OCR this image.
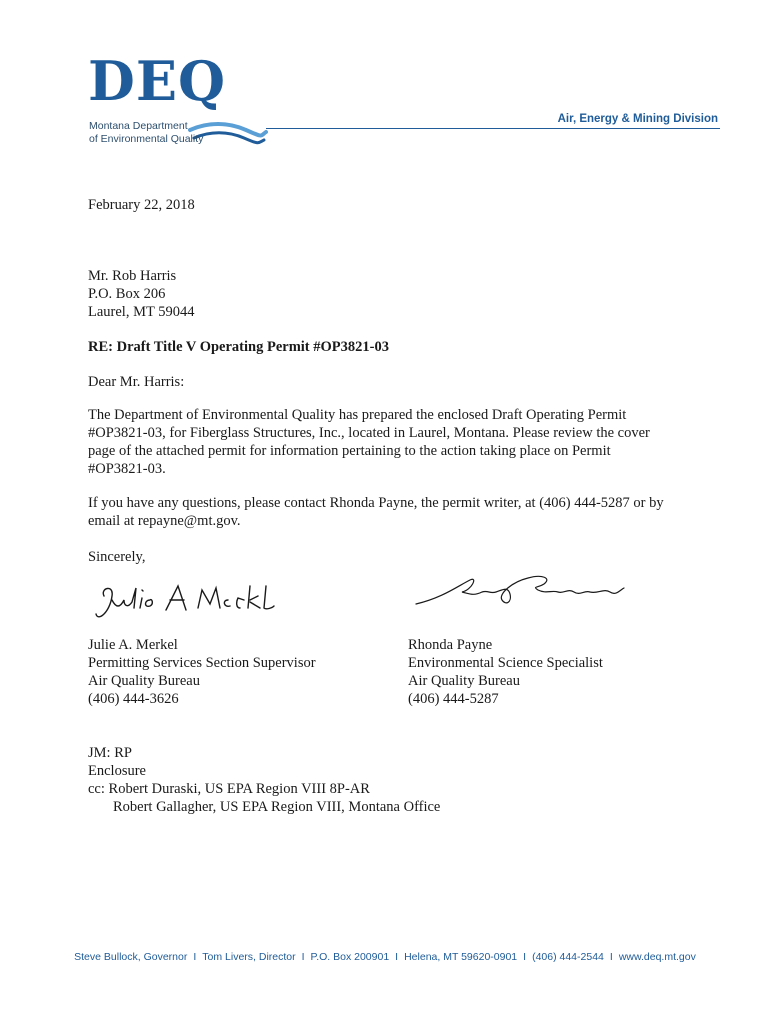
DEQ
Montana Department
of Environmental Quality
Air, Energy & Mining Division
February 22, 2018
Mr. Rob Harris
P.O. Box 206
Laurel, MT 59044
RE: Draft Title V Operating Permit #OP3821-03
Dear Mr. Harris:
The Department of Environmental Quality has prepared the enclosed Draft Operating Permit
#OP3821-03, for Fiberglass Structures, Inc., located in Laurel, Montana. Please review the cover
page of the attached permit for information pertaining to the action taking place on Permit
#OP3821-03.
If you have any questions, please contact Rhonda Payne, the permit writer, at (406) 444-5287 or by
email at repayne@mt.gov.
Sincerely,
Julie A. Merkel
Permitting Services Section Supervisor
Air Quality Bureau
(406) 444-3626
Rhonda Payne
Environmental Science Specialist
Air Quality Bureau
(406) 444-5287
JM: RP
Enclosure
cc: Robert Duraski, US EPA Region VIII 8P-AR
Robert Gallagher, US EPA Region VIII, Montana Office
Steve Bullock, Governor I Tom Livers, Director I P.O. Box 200901 I Helena, MT 59620-0901 I (406) 444-2544 I www.deq.mt.gov
